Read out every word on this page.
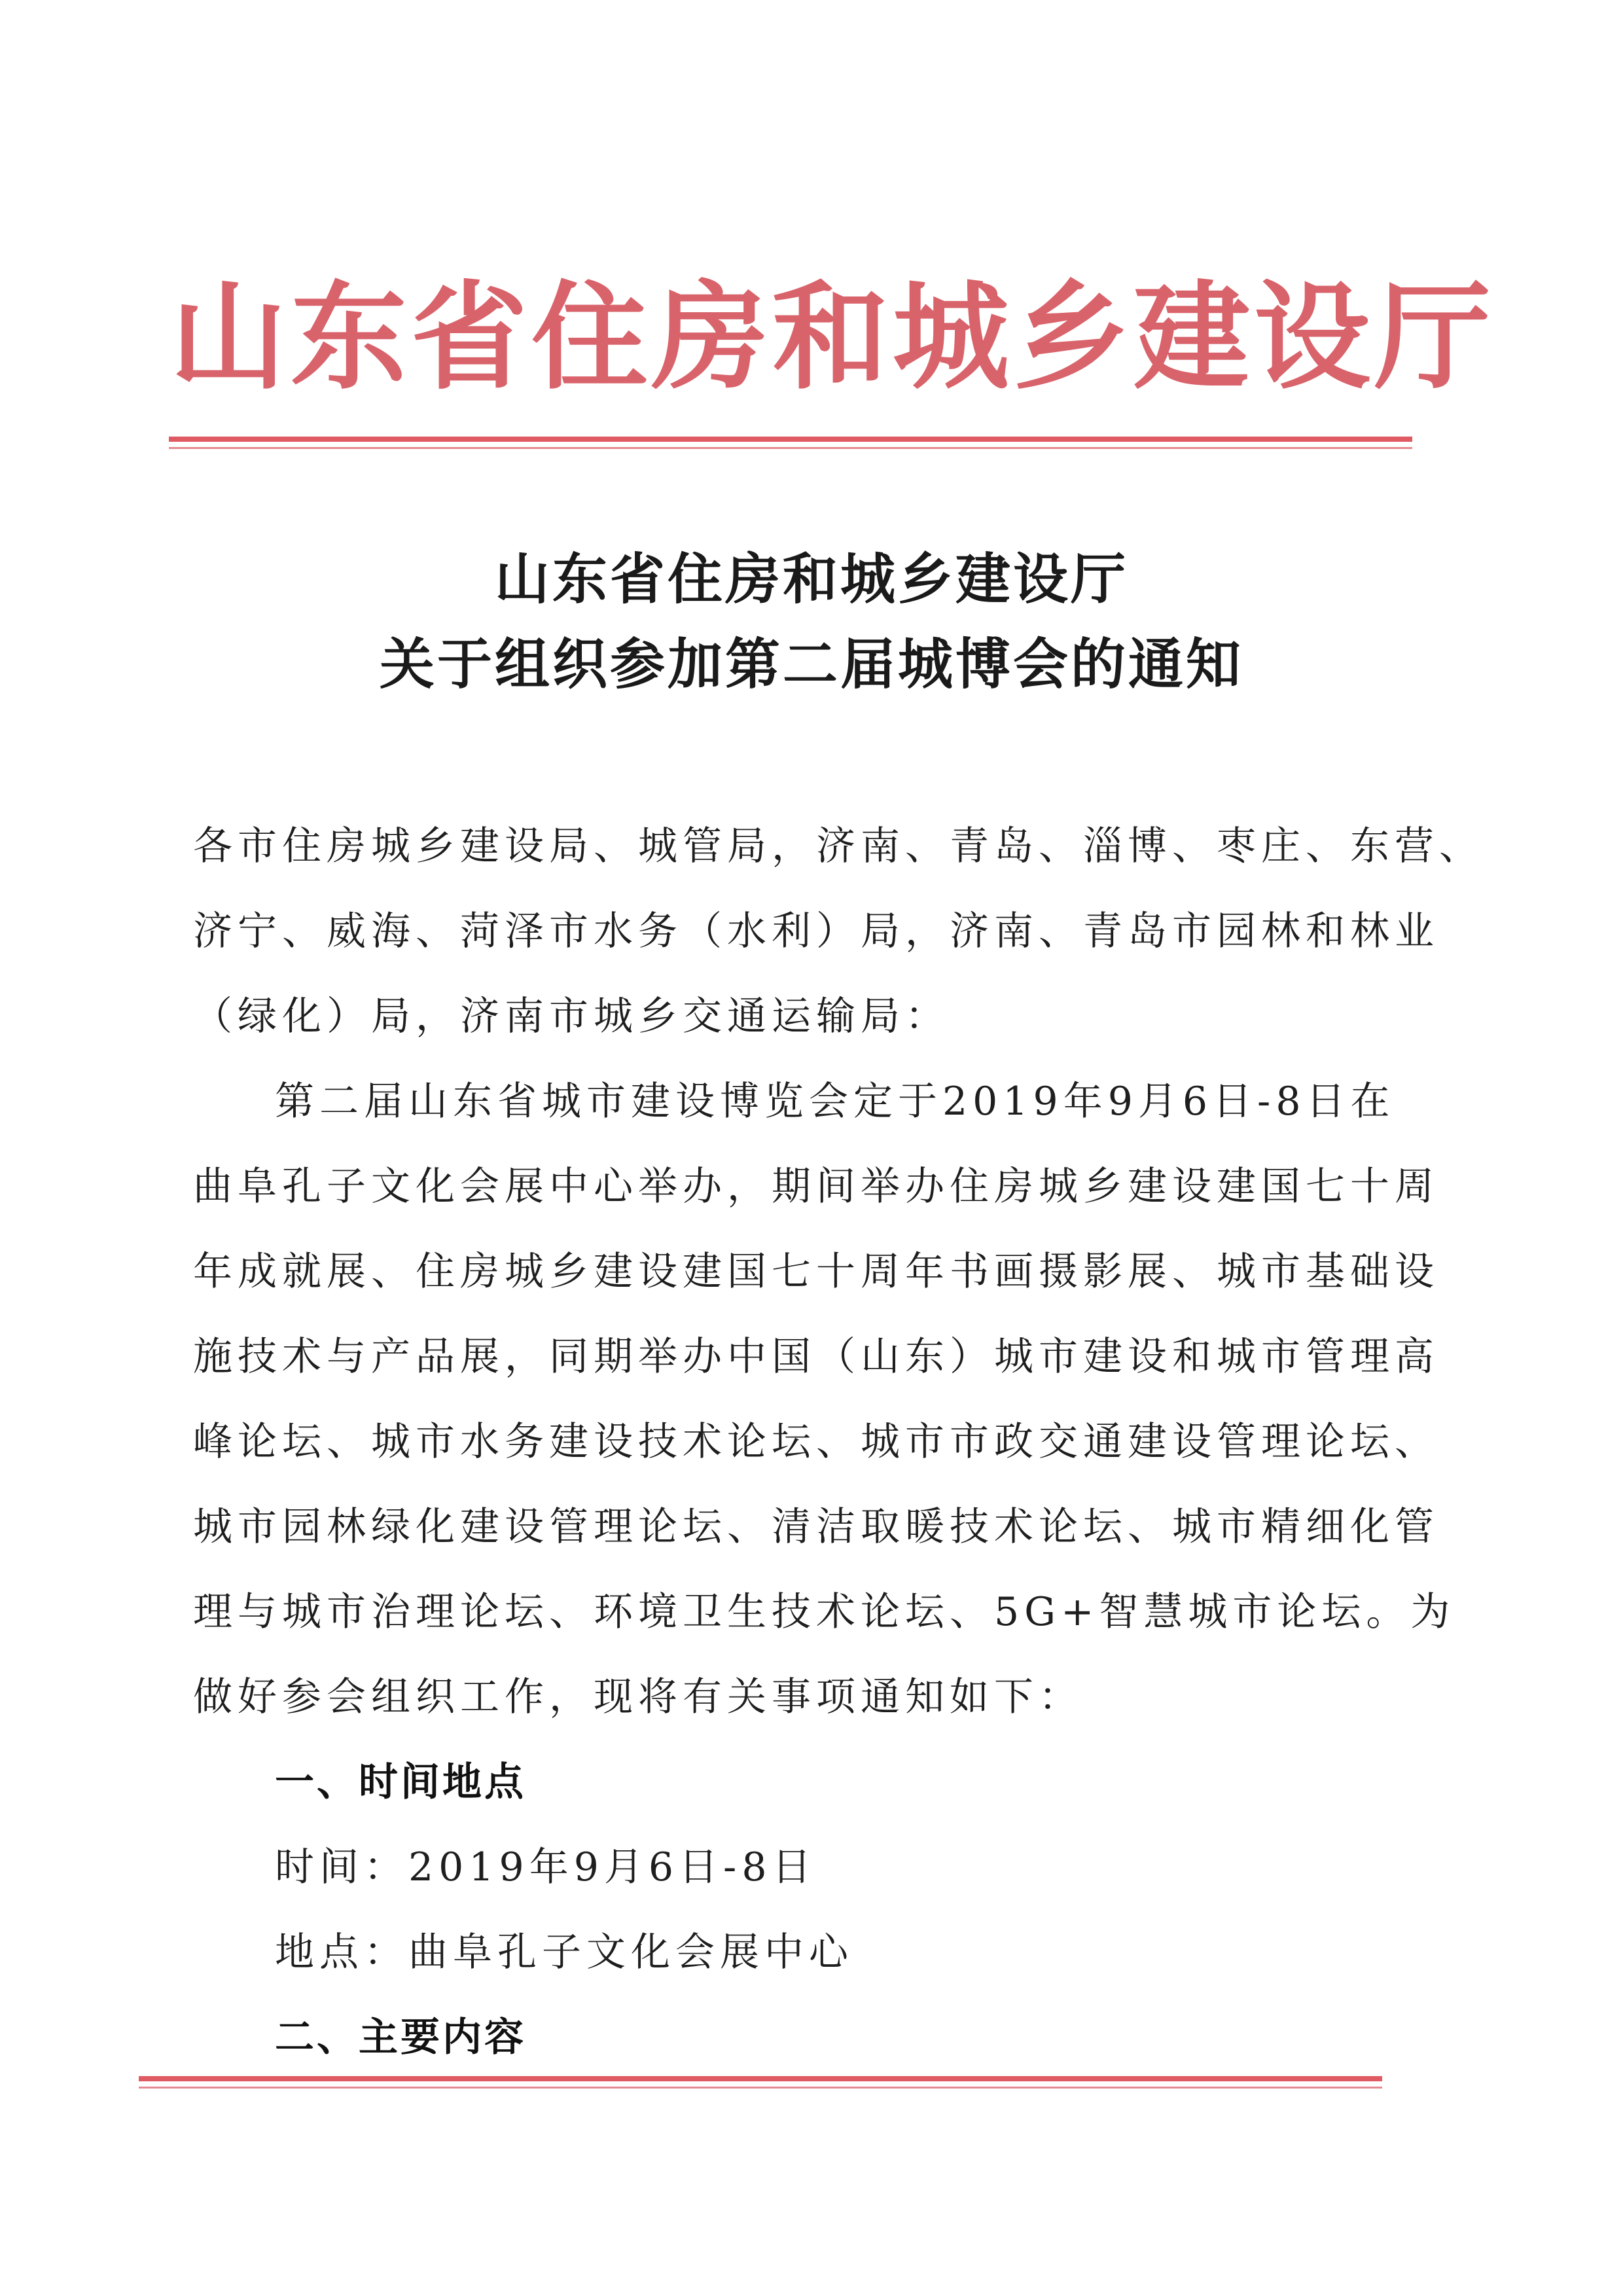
山东省住房和城乡建设厅
山东省住房和城乡建设厅
关于组织参加第二届城博会的通知
各市住房城乡建设局、城管局，济南、青岛、淄博、枣庄、东营、
济宁、威海、菏泽市水务（水利）局，济南、青岛市园林和林业
（绿化）局，济南市城乡交通运输局：
第二届山东省城市建设博览会定于2019年9月6日-8日在
曲阜孔子文化会展中心举办，期间举办住房城乡建设建国七十周
年成就展、住房城乡建设建国七十周年书画摄影展、城市基础设
施技术与产品展，同期举办中国（山东）城市建设和城市管理高
峰论坛、城市水务建设技术论坛、城市市政交通建设管理论坛、
城市园林绿化建设管理论坛、清洁取暖技术论坛、城市精细化管
理与城市治理论坛、环境卫生技术论坛、5G+智慧城市论坛。为
做好参会组织工作，现将有关事项通知如下：
一、时间地点
时间：2019年9月6日-8日
地点：曲阜孔子文化会展中心
二、主要内容
